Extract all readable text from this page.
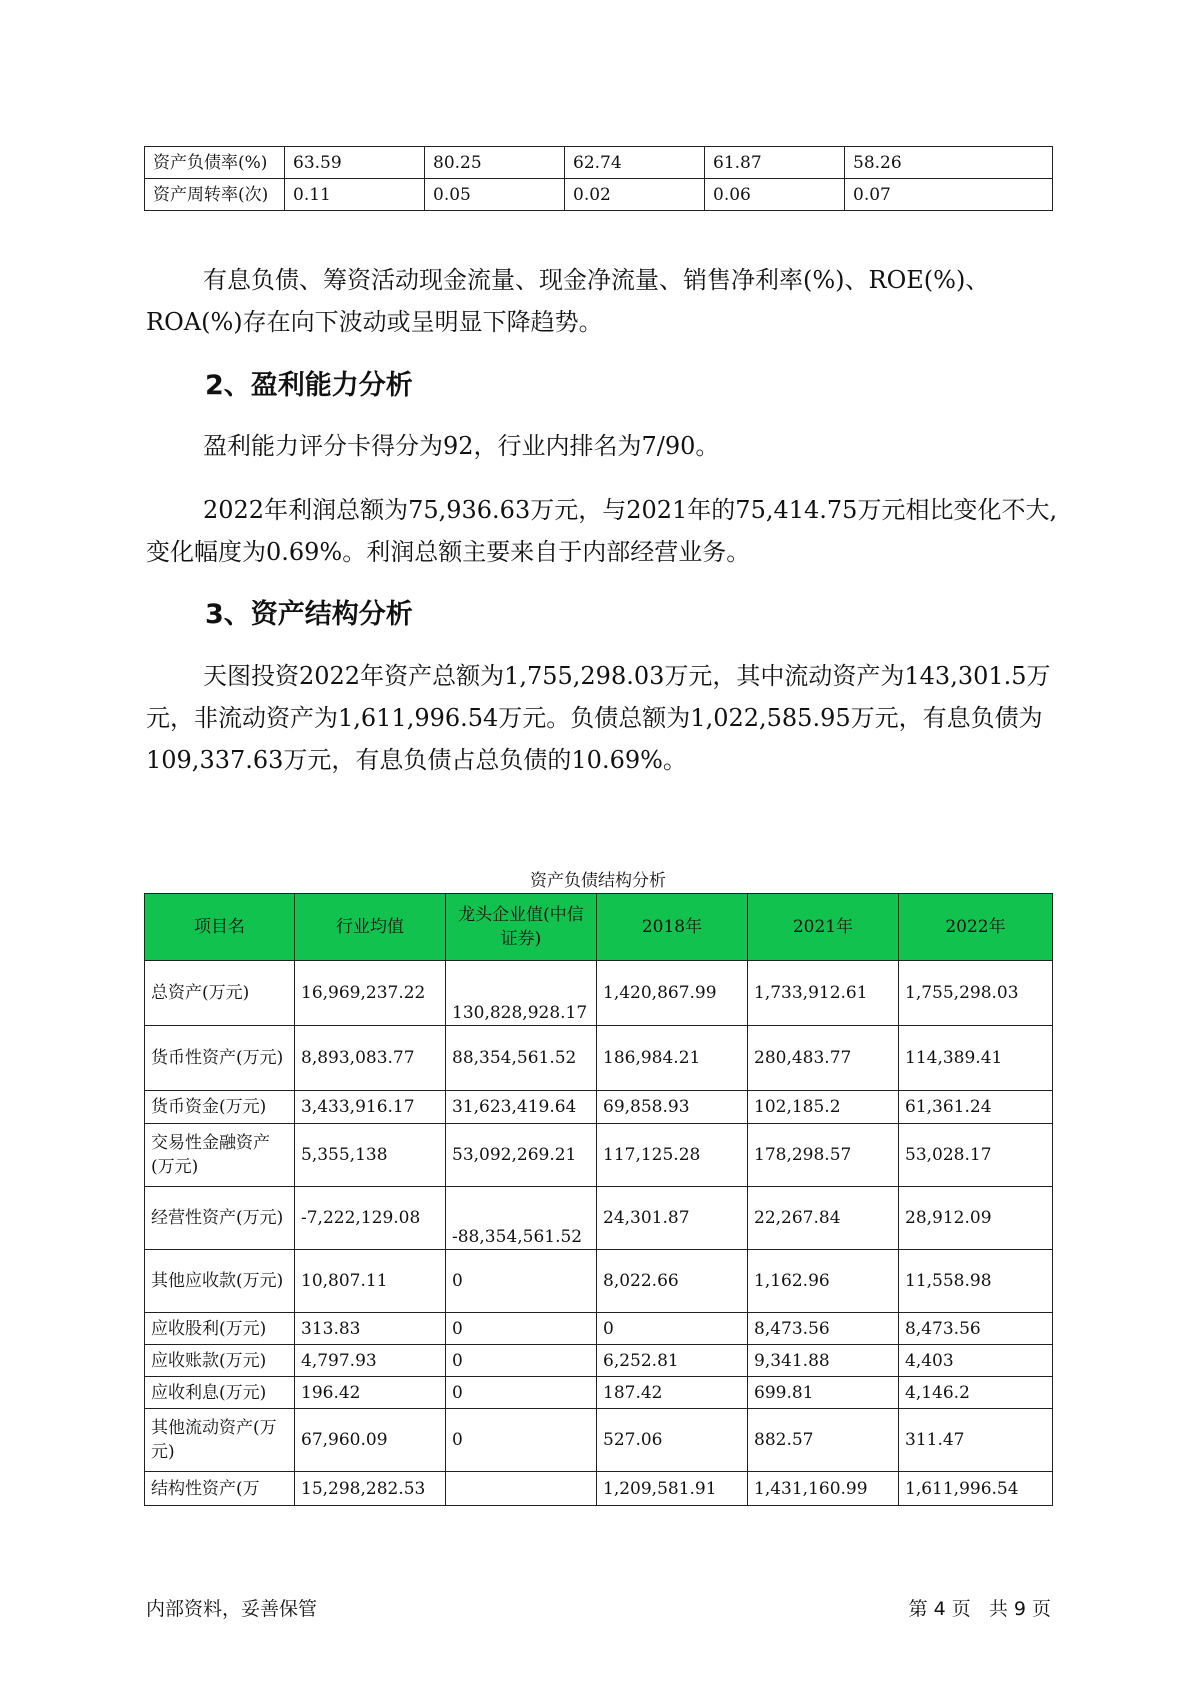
资产负债率(%)	63.59	80.25	62.74	61.87	58.26
资产周转率(次)	0.11	0.05	0.02	0.06	0.07

有息负债、筹资活动现金流量、现金净流量、销售净利率(%)、ROE(%)、ROA(%)存在向下波动或呈明显下降趋势。

2、盈利能力分析

盈利能力评分卡得分为92，行业内排名为7/90。

2022年利润总额为75,936.63万元，与2021年的75,414.75万元相比变化不大,变化幅度为0.69%。利润总额主要来自于内部经营业务。

3、资产结构分析

天图投资2022年资产总额为1,755,298.03万元，其中流动资产为143,301.5万元，非流动资产为1,611,996.54万元。负债总额为1,022,585.95万元，有息负债为109,337.63万元，有息负债占总负债的10.69%。

资产负债结构分析
项目名	行业均值	龙头企业值(中信证券)	2018年	2021年	2022年
总资产(万元)	16,969,237.22	130,828,928.17	1,420,867.99	1,733,912.61	1,755,298.03
货币性资产(万元)	8,893,083.77	88,354,561.52	186,984.21	280,483.77	114,389.41
货币资金(万元)	3,433,916.17	31,623,419.64	69,858.93	102,185.2	61,361.24
交易性金融资产(万元)	5,355,138	53,092,269.21	117,125.28	178,298.57	53,028.17
经营性资产(万元)	-7,222,129.08	-88,354,561.52	24,301.87	22,267.84	28,912.09
其他应收款(万元)	10,807.11	0	8,022.66	1,162.96	11,558.98
应收股利(万元)	313.83	0	0	8,473.56	8,473.56
应收账款(万元)	4,797.93	0	6,252.81	9,341.88	4,403
应收利息(万元)	196.42	0	187.42	699.81	4,146.2
其他流动资产(万元)	67,960.09	0	527.06	882.57	311.47
结构性资产(万	15,298,282.53		1,209,581.91	1,431,160.99	1,611,996.54
内部资料，妥善保管	第 4 页   共 9 页
